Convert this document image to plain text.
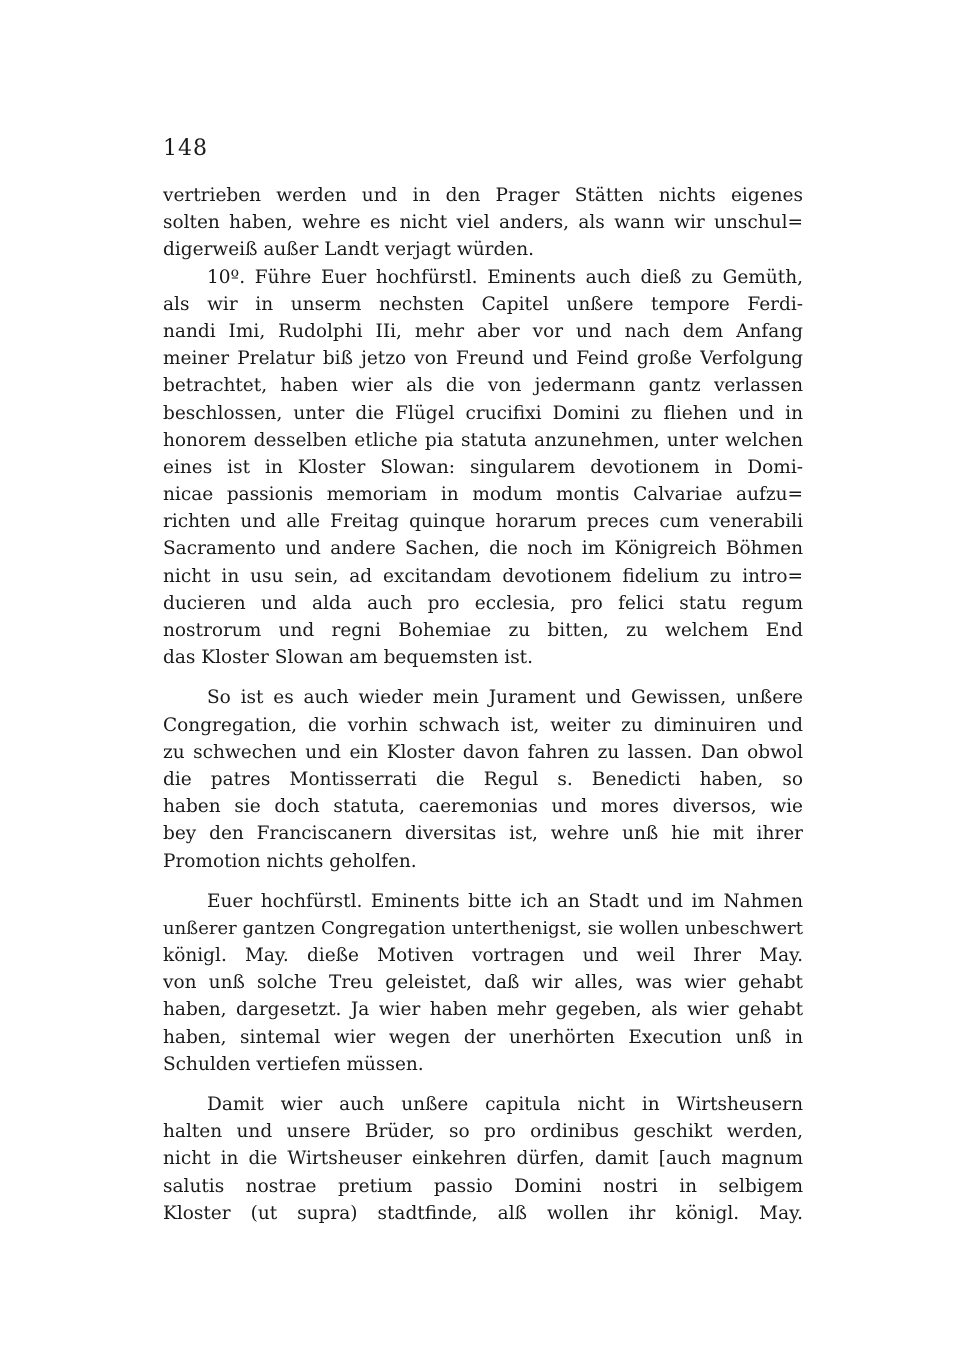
148
vertrieben werden und in den Prager Stätten nichts eigenes
solten haben, wehre es nicht viel anders, als wann wir unschul=
digerweiß außer Landt verjagt würden.
10º. Führe Euer hochfürstl. Eminents auch dieß zu Gemüth,
als wir in unserm nechsten Capitel unßere tempore Ferdi-
nandi Imi, Rudolphi IIi, mehr aber vor und nach dem Anfang
meiner Prelatur biß jetzo von Freund und Feind große Verfolgung
betrachtet, haben wier als die von jedermann gantz verlassen
beschlossen, unter die Flügel crucifixi Domini zu fliehen und in
honorem desselben etliche pia statuta anzunehmen, unter welchen
eines ist in Kloster Slowan: singularem devotionem in Domi-
nicae passionis memoriam in modum montis Calvariae aufzu=
richten und alle Freitag quinque horarum preces cum venerabili
Sacramento und andere Sachen, die noch im Königreich Böhmen
nicht in usu sein, ad excitandam devotionem fidelium zu intro=
ducieren und alda auch pro ecclesia, pro felici statu regum
nostrorum und regni Bohemiae zu bitten, zu welchem End
das Kloster Slowan am bequemsten ist.
So ist es auch wieder mein Jurament und Gewissen, unßere
Congregation, die vorhin schwach ist, weiter zu diminuiren und
zu schwechen und ein Kloster davon fahren zu lassen. Dan obwol
die patres Montisserrati die Regul s. Benedicti haben, so
haben sie doch statuta, caeremonias und mores diversos, wie
bey den Franciscanern diversitas ist, wehre unß hie mit ihrer
Promotion nichts geholfen.
Euer hochfürstl. Eminents bitte ich an Stadt und im Nahmen
unßerer gantzen Congregation unterthenigst, sie wollen unbeschwert
königl. May. dieße Motiven vortragen und weil Ihrer May.
von unß solche Treu geleistet, daß wir alles, was wier gehabt
haben, dargesetzt. Ja wier haben mehr gegeben, als wier gehabt
haben, sintemal wier wegen der unerhörten Execution unß in
Schulden vertiefen müssen.
Damit wier auch unßere capitula nicht in Wirtsheusern
halten und unsere Brüder, so pro ordinibus geschikt werden,
nicht in die Wirtsheuser einkehren dürfen, damit [auch magnum
salutis nostrae pretium passio Domini nostri in selbigem
Kloster (ut supra) stadtfinde, alß wollen ihr königl. May.
